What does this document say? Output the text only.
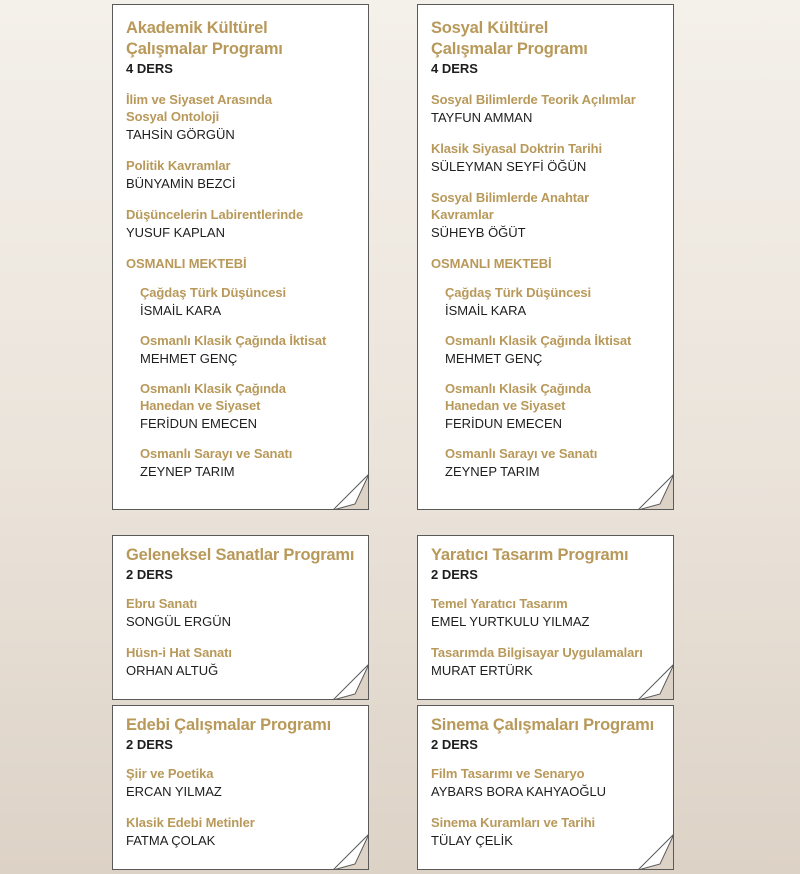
Akademik Kültürel
Çalışmalar Programı
4 DERS
İlim ve Siyaset Arasında
Sosyal Ontoloji
TAHSİN GÖRGÜN
Politik Kavramlar
BÜNYAMİN BEZCİ
Düşüncelerin Labirentlerinde
YUSUF KAPLAN
OSMANLI MEKTEBİ
Çağdaş Türk Düşüncesi
İSMAİL KARA
Osmanlı Klasik Çağında İktisat
MEHMET GENÇ
Osmanlı Klasik Çağında
Hanedan ve Siyaset
FERİDUN EMECEN
Osmanlı Sarayı ve Sanatı
ZEYNEP TARIM
Sosyal Kültürel
Çalışmalar Programı
4 DERS
Sosyal Bilimlerde Teorik Açılımlar
TAYFUN AMMAN
Klasik Siyasal Doktrin Tarihi
SÜLEYMAN SEYFİ ÖĞÜN
Sosyal Bilimlerde Anahtar
Kavramlar
SÜHEYB ÖĞÜT
OSMANLI MEKTEBİ
Çağdaş Türk Düşüncesi
İSMAİL KARA
Osmanlı Klasik Çağında İktisat
MEHMET GENÇ
Osmanlı Klasik Çağında
Hanedan ve Siyaset
FERİDUN EMECEN
Osmanlı Sarayı ve Sanatı
ZEYNEP TARIM
Geleneksel Sanatlar Programı
2 DERS
Ebru Sanatı
SONGÜL ERGÜN
Hüsn-i Hat Sanatı
ORHAN ALTUĞ
Yaratıcı Tasarım Programı
2 DERS
Temel Yaratıcı Tasarım
EMEL YURTKULU YILMAZ
Tasarımda Bilgisayar Uygulamaları
MURAT ERTÜRK
Edebi Çalışmalar Programı
2 DERS
Şiir ve Poetika
ERCAN YILMAZ
Klasik Edebi Metinler
FATMA ÇOLAK
Sinema Çalışmaları Programı
2 DERS
Film Tasarımı ve Senaryo
AYBARS BORA KAHYAOĞLU
Sinema Kuramları ve Tarihi
TÜLAY ÇELİK
